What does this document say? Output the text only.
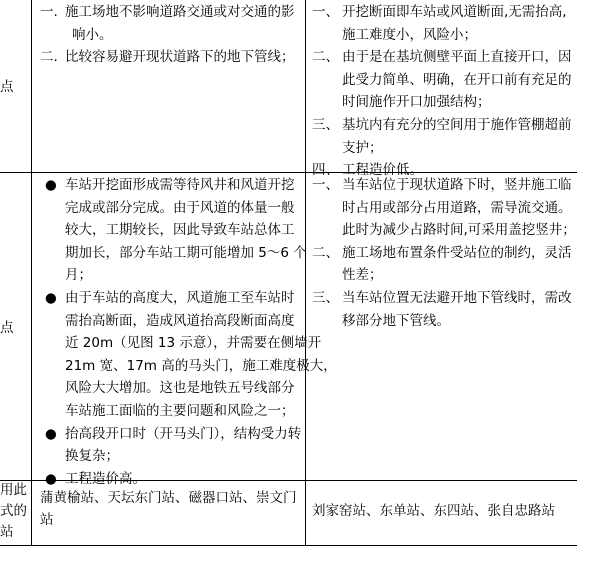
点
点
用此
式的
站
一. 施工场地不影响道路交通或对交通的影
响小。
二. 比较容易避开现状道路下的地下管线；
一、 开挖断面即车站或风道断面,无需抬高,
施工难度小，风险小；
二、 由于是在基坑侧壁平面上直接开口，因
此受力简单、明确，在开口前有充足的
时间施作开口加强结构；
三、 基坑内有充分的空间用于施作管棚超前
支护；
四、 工程造价低。
● 车站开挖面形成需等待风井和风道开挖
完成或部分完成。由于风道的体量一般
较大，工期较长，因此导致车站总体工
期加长，部分车站工期可能增加 5～6 个
月；
● 由于车站的高度大，风道施工至车站时
需抬高断面，造成风道抬高段断面高度
近 20m（见图 13 示意），并需要在侧墙开
21m 宽、17m 高的马头门，施工难度极大，
风险大大增加。这也是地铁五号线部分
车站施工面临的主要问题和风险之一；
● 抬高段开口时（开马头门），结构受力转
换复杂；
● 工程造价高。
一、 当车站位于现状道路下时，竖井施工临
时占用或部分占用道路，需导流交通。
此时为减少占路时间,可采用盖挖竖井；
二、 施工场地布置条件受站位的制约，灵活
性差；
三、 当车站位置无法避开地下管线时，需改
移部分地下管线。
蒲黄榆站、天坛东门站、磁器口站、崇文门
站
刘家窑站、东单站、东四站、张自忠路站
